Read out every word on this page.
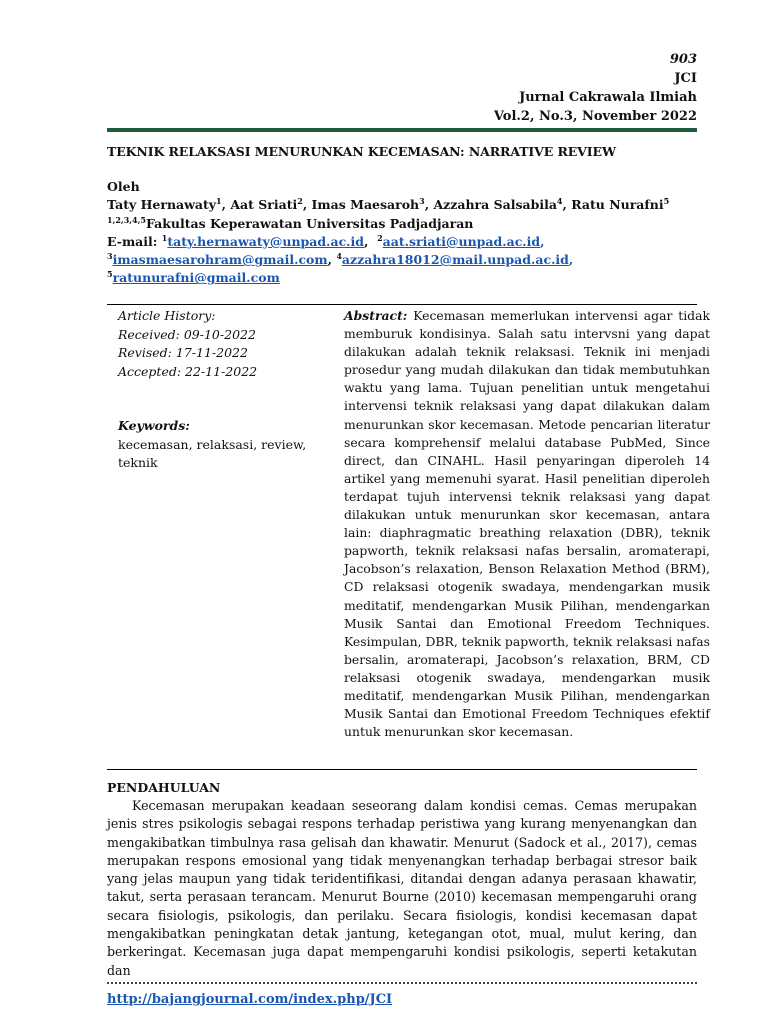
903
JCI
Jurnal Cakrawala Ilmiah
Vol.2, No.3, November 2022
TEKNIK RELAKSASI MENURUNKAN KECEMASAN: NARRATIVE REVIEW
Oleh
Taty Hernawaty$^1$, Aat Sriati$^2$, Imas Maesaroh$^3$, Azzahra Salsabila$^4$, Ratu Nurafni$^5$
$^{1,2,3,4,5}$Fakultas Keperawatan Universitas Padjadjaran
E-mail: $^1$taty.hernawaty@unpad.ac.id,  $^2$aat.sriati@unpad.ac.id,
$^3$imasmaesarohram@gmail.com, $^4$azzahra18012@mail.unpad.ac.id,
$^5$ratunurafni@gmail.com
Article History:
Received: 09-10-2022
Revised: 17-11-2022
Accepted: 22-11-2022
Keywords:
kecemasan, relaksasi, review, teknik
Abstract: Kecemasan memerlukan intervensi agar tidak memburuk kondisinya. Salah satu intervsni yang dapat dilakukan adalah teknik relaksasi. Teknik ini menjadi prosedur yang mudah dilakukan dan tidak membutuhkan waktu yang lama. Tujuan penelitian untuk mengetahui intervensi teknik relaksasi yang dapat dilakukan dalam menurunkan skor kecemasan. Metode pencarian literatur secara komprehensif melalui database PubMed, Since direct, dan CINAHL. Hasil penyaringan diperoleh 14 artikel yang memenuhi syarat. Hasil penelitian diperoleh terdapat tujuh intervensi teknik relaksasi yang dapat dilakukan untuk menurunkan skor kecemasan, antara lain: diaphragmatic breathing relaxation (DBR), teknik papworth, teknik relaksasi nafas bersalin, aromaterapi, Jacobson’s relaxation, Benson Relaxation Method (BRM), CD relaksasi otogenik swadaya, mendengarkan musik meditatif, mendengarkan Musik Pilihan, mendengarkan Musik Santai dan Emotional Freedom Techniques. Kesimpulan, DBR, teknik papworth, teknik relaksasi nafas bersalin, aromaterapi, Jacobson’s relaxation, BRM, CD relaksasi otogenik swadaya, mendengarkan musik meditatif, mendengarkan Musik Pilihan, mendengarkan Musik Santai dan Emotional Freedom Techniques efektif untuk menurunkan skor kecemasan.
PENDAHULUAN

Kecemasan merupakan keadaan seseorang dalam kondisi cemas. Cemas merupakan jenis stres psikologis sebagai respons terhadap peristiwa yang kurang menyenangkan dan mengakibatkan timbulnya rasa gelisah dan khawatir. Menurut (Sadock et al., 2017), cemas merupakan respons emosional yang tidak menyenangkan terhadap berbagai stresor baik yang jelas maupun yang tidak teridentifikasi, ditandai dengan adanya perasaan khawatir, takut, serta perasaan terancam. Menurut Bourne (2010) kecemasan mempengaruhi orang secara fisiologis, psikologis, dan perilaku. Secara fisiologis, kondisi kecemasan dapat mengakibatkan peningkatan detak jantung, ketegangan otot, mual, mulut kering, dan berkeringat. Kecemasan juga dapat mempengaruhi kondisi psikologis, seperti ketakutan dan

http://bajangjournal.com/index.php/JCI
